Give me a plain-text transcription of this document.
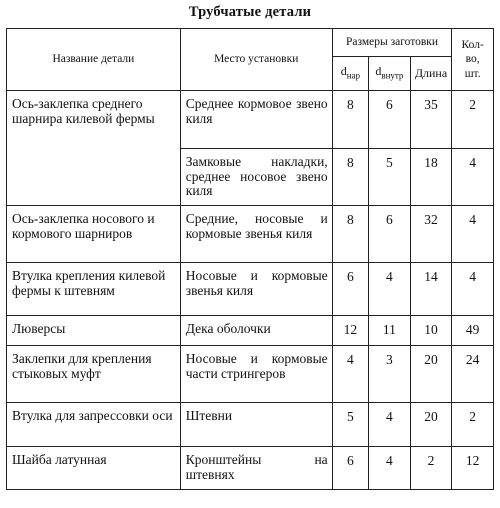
Трубчатые детали
Название детали	Место установки	Размеры заготовки			Кол-во, шт.
		$d_{нар}$	$d_{внутр}$	Длина	
Ось-заклепка среднего шарнира килевой фермы	Среднее кормовое звено киля	8	6	35	2
	Замковые накладки, среднее носовое звено киля	8	5	18	4
Ось-заклепка носового и кормового шарниров	Средние, носовые и кормовые звенья киля	8	6	32	4
Втулка крепления килевой фермы к штевням	Носовые и кормовые звенья киля	6	4	14	4
Люверсы	Дека оболочки	12	11	10	49
Заклепки для крепления стыковых муфт	Носовые и кормовые части стрингеров	4	3	20	24
Втулка для запрессовки оси	Штевни	5	4	20	2
Шайба латунная	Кронштейны на штевнях	6	4	2	12
